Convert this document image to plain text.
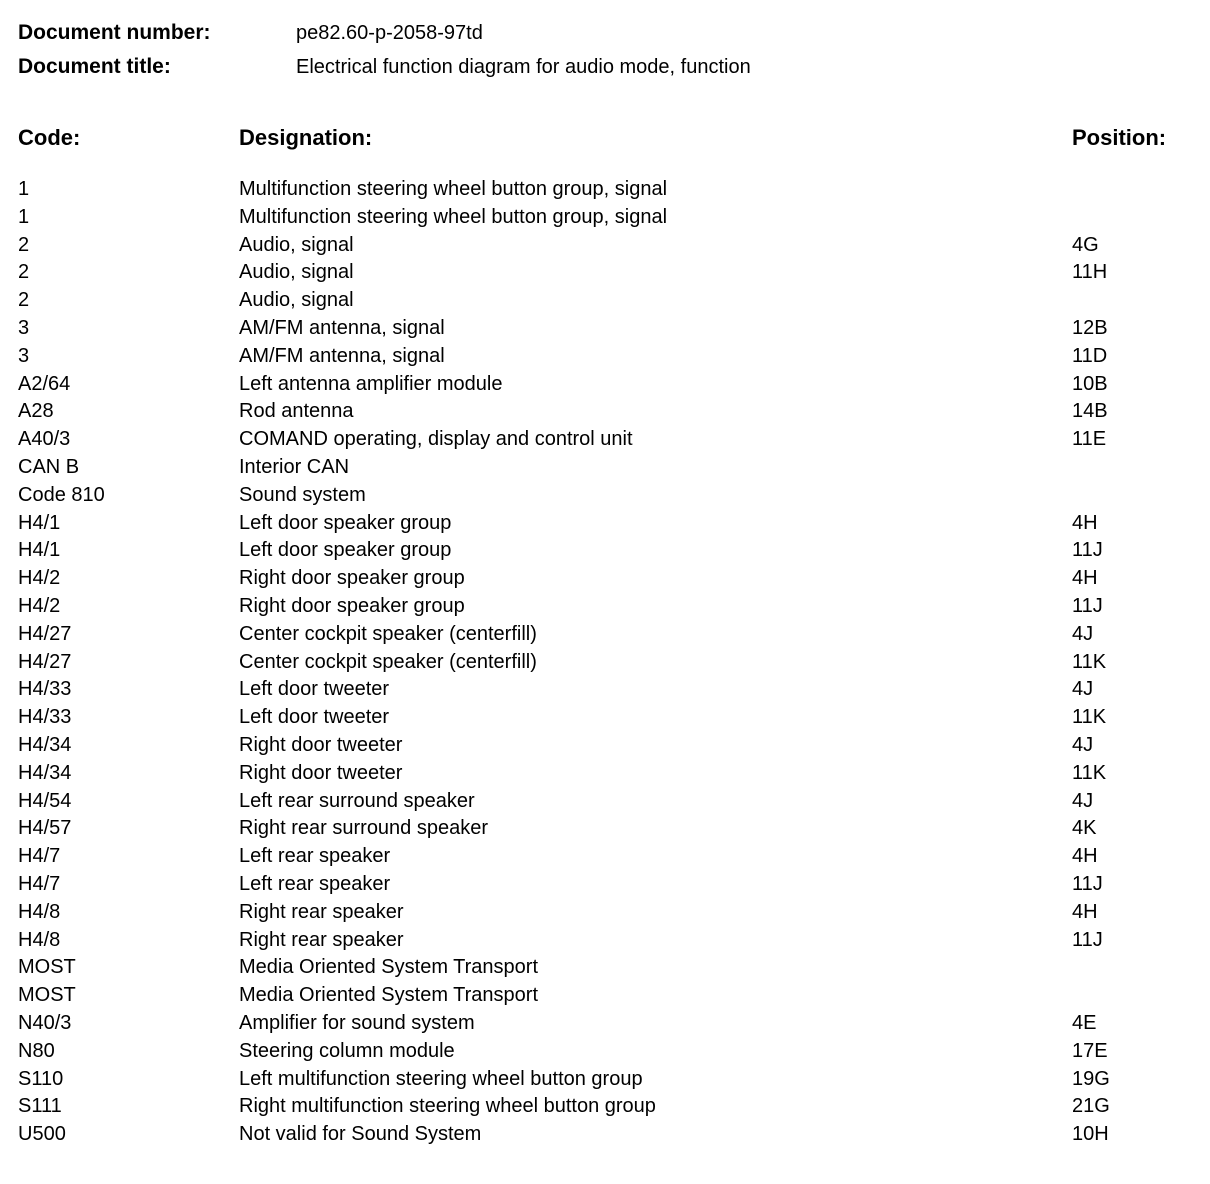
Document number:	pe82.60-p-2058-97td
Document title:	Electrical function diagram for audio mode, function
Code:	Designation:	Position:
1	Multifunction steering wheel button group, signal
1	Multifunction steering wheel button group, signal
2	Audio, signal	4G
2	Audio, signal	11H
2	Audio, signal
3	AM/FM antenna, signal	12B
3	AM/FM antenna, signal	11D
A2/64	Left antenna amplifier module	10B
A28	Rod antenna	14B
A40/3	COMAND operating, display and control unit	11E
CAN B	Interior CAN
Code 810	Sound system
H4/1	Left door speaker group	4H
H4/1	Left door speaker group	11J
H4/2	Right door speaker group	4H
H4/2	Right door speaker group	11J
H4/27	Center cockpit speaker (centerfill)	4J
H4/27	Center cockpit speaker (centerfill)	11K
H4/33	Left door tweeter	4J
H4/33	Left door tweeter	11K
H4/34	Right door tweeter	4J
H4/34	Right door tweeter	11K
H4/54	Left rear surround speaker	4J
H4/57	Right rear surround speaker	4K
H4/7	Left rear speaker	4H
H4/7	Left rear speaker	11J
H4/8	Right rear speaker	4H
H4/8	Right rear speaker	11J
MOST	Media Oriented System Transport
MOST	Media Oriented System Transport
N40/3	Amplifier for sound system	4E
N80	Steering column module	17E
S110	Left multifunction steering wheel button group	19G
S111	Right multifunction steering wheel button group	21G
U500	Not valid for Sound System	10H
